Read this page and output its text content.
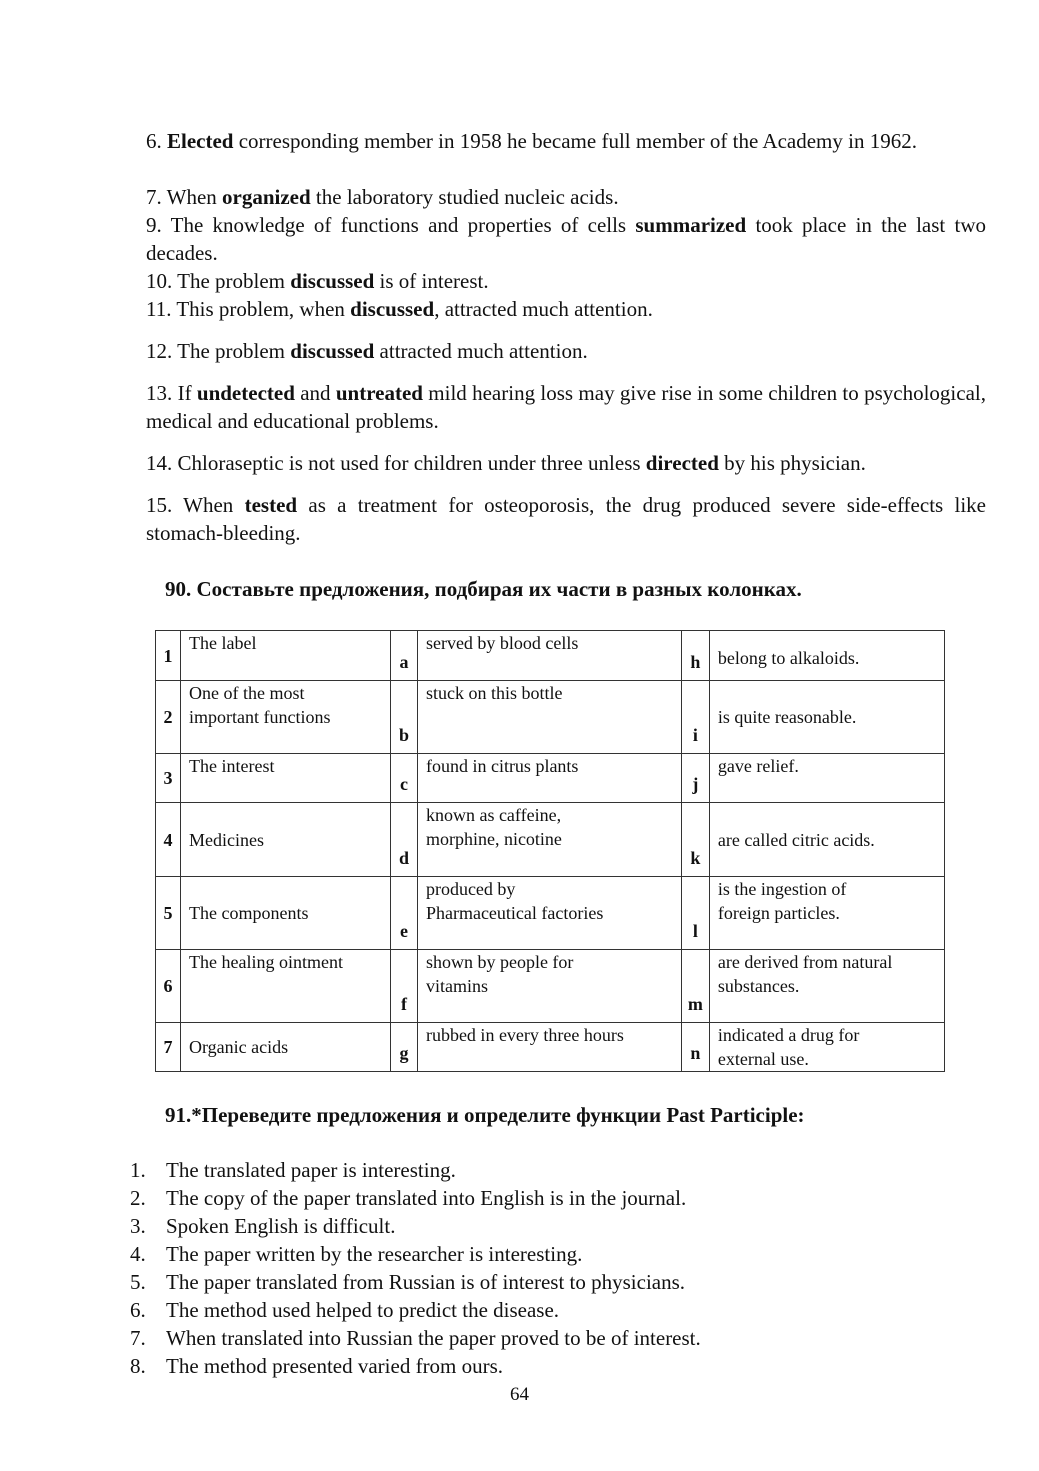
6. Elected corresponding member in 1958 he became full member of the Academy in 1962.
7. When organized the laboratory studied nucleic acids.
9. The knowledge of functions and properties of cells summarized took place in the last two decades.
10. The problem discussed is of interest.
11. This problem, when discussed, attracted much attention.
12. The problem discussed attracted much attention.
13. If undetected and untreated mild hearing loss may give rise in some children to psychological, medical and educational problems.
14. Chloraseptic is not used for children under three unless directed by his physician.
15. When tested as a treatment for osteoporosis, the drug produced severe side-effects like stomach-bleeding.
90. Составьте предложения, подбирая их части в разных колонках.
1	The label	a	served by blood cells	h	belong to alkaloids.
2	One of the most
important functions	b	stuck on this bottle	i	is quite reasonable.
3	The interest	c	found in citrus plants	j	gave relief.
4	Medicines	d	known as caffeine,
morphine, nicotine	k	are called citric acids.
5	The components	e	produced by
Pharmaceutical factories	l	is the ingestion of
foreign particles.
6	The healing ointment	f	shown by people for
vitamins	m	are derived from natural
substances.
7	Organic acids	g	rubbed in every three hours	n	indicated a drug for
external use.
91.*Переведите предложения и определите функции Past Participle:
1. The translated paper is interesting.
2. The copy of the paper translated into English is in the journal.
3. Spoken English is difficult.
4. The paper written by the researcher is interesting.
5. The paper translated from Russian is of interest to physicians.
6. The method used helped to predict the disease.
7. When translated into Russian the paper proved to be of interest.
8. The method presented varied from ours.
64
